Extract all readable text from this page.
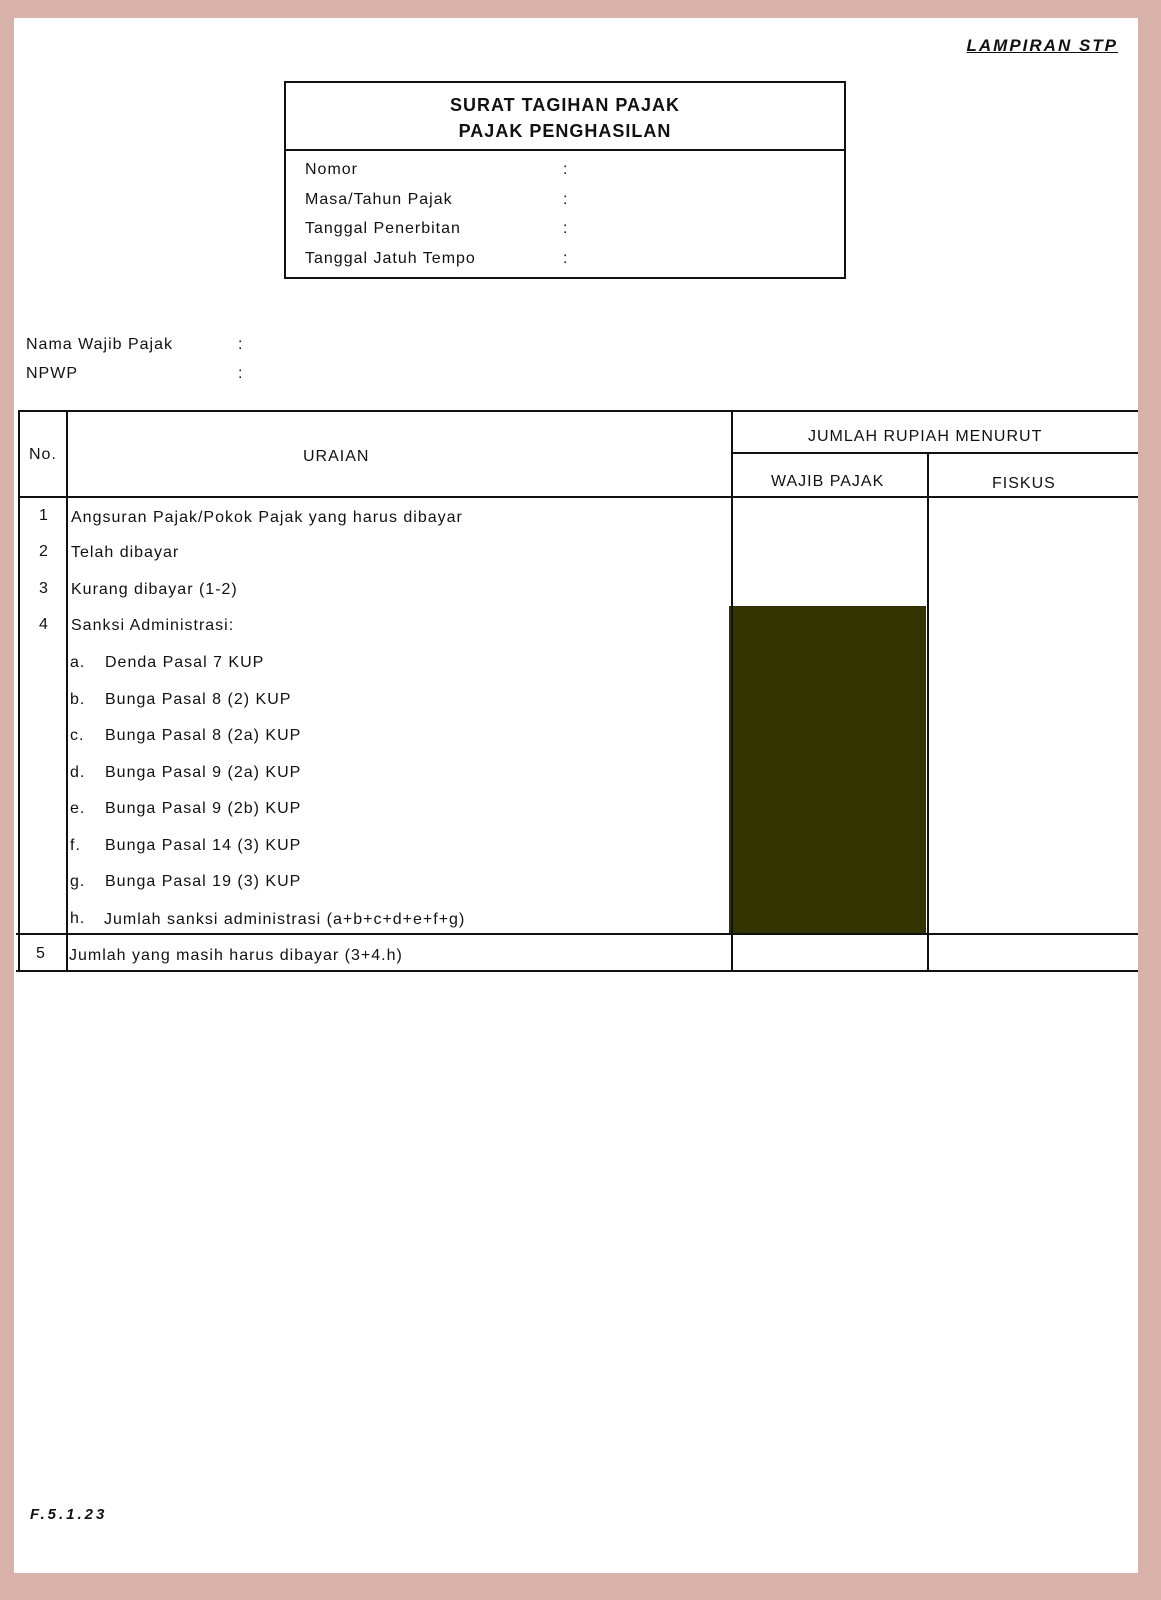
LAMPIRAN STP
SURAT TAGIHAN PAJAK
PAJAK PENGHASILAN
Nomor	:
Masa/Tahun Pajak	:
Tanggal Penerbitan	:
Tanggal Jatuh Tempo	:
Nama Wajib Pajak	:
NPWP	:
No.	URAIAN
JUMLAH RUPIAH MENURUT
WAJIB PAJAK	FISKUS
1 Angsuran Pajak/Pokok Pajak yang harus dibayar
2 Telah dibayar
3 Kurang dibayar (1-2)
4 Sanksi Administrasi:
a. Denda Pasal 7 KUP
b. Bunga Pasal 8 (2) KUP
c. Bunga Pasal 8 (2a) KUP
d. Bunga Pasal 9 (2a) KUP
e. Bunga Pasal 9 (2b) KUP
f. Bunga Pasal 14 (3) KUP
g. Bunga Pasal 19 (3) KUP
h. Jumlah sanksi administrasi (a+b+c+d+e+f+g)
5 Jumlah yang masih harus dibayar (3+4.h)
F.5.1.23
